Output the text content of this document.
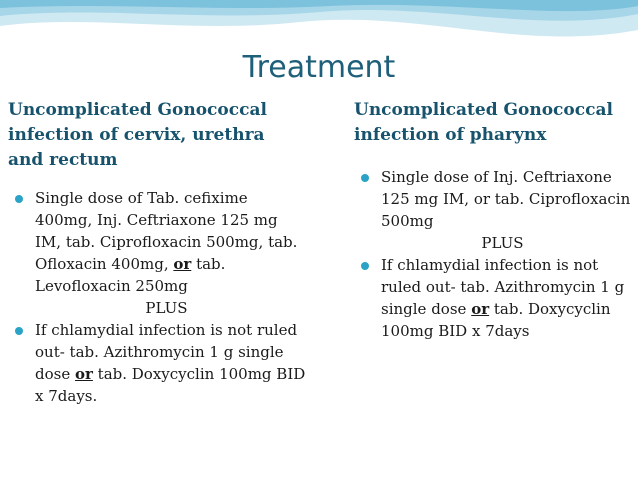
Treatment
Uncomplicated Gonococcal
infection of cervix, urethra
and rectum
Single dose of Tab. cefixime 400mg, Inj. Ceftriaxone 125 mg IM, tab. Ciprofloxacin 500mg, tab. Ofloxacin 400mg, or tab. Levofloxacin 250mg
PLUS
If chlamydial infection is not ruled out- tab. Azithromycin 1 g single dose or tab. Doxycyclin 100mg BID x 7days.
Uncomplicated Gonococcal
infection of pharynx
Single dose of Inj. Ceftriaxone 125 mg IM, or tab. Ciprofloxacin 500mg
PLUS
If chlamydial infection is not ruled out- tab. Azithromycin 1 g single dose or tab. Doxycyclin 100mg BID x 7days
